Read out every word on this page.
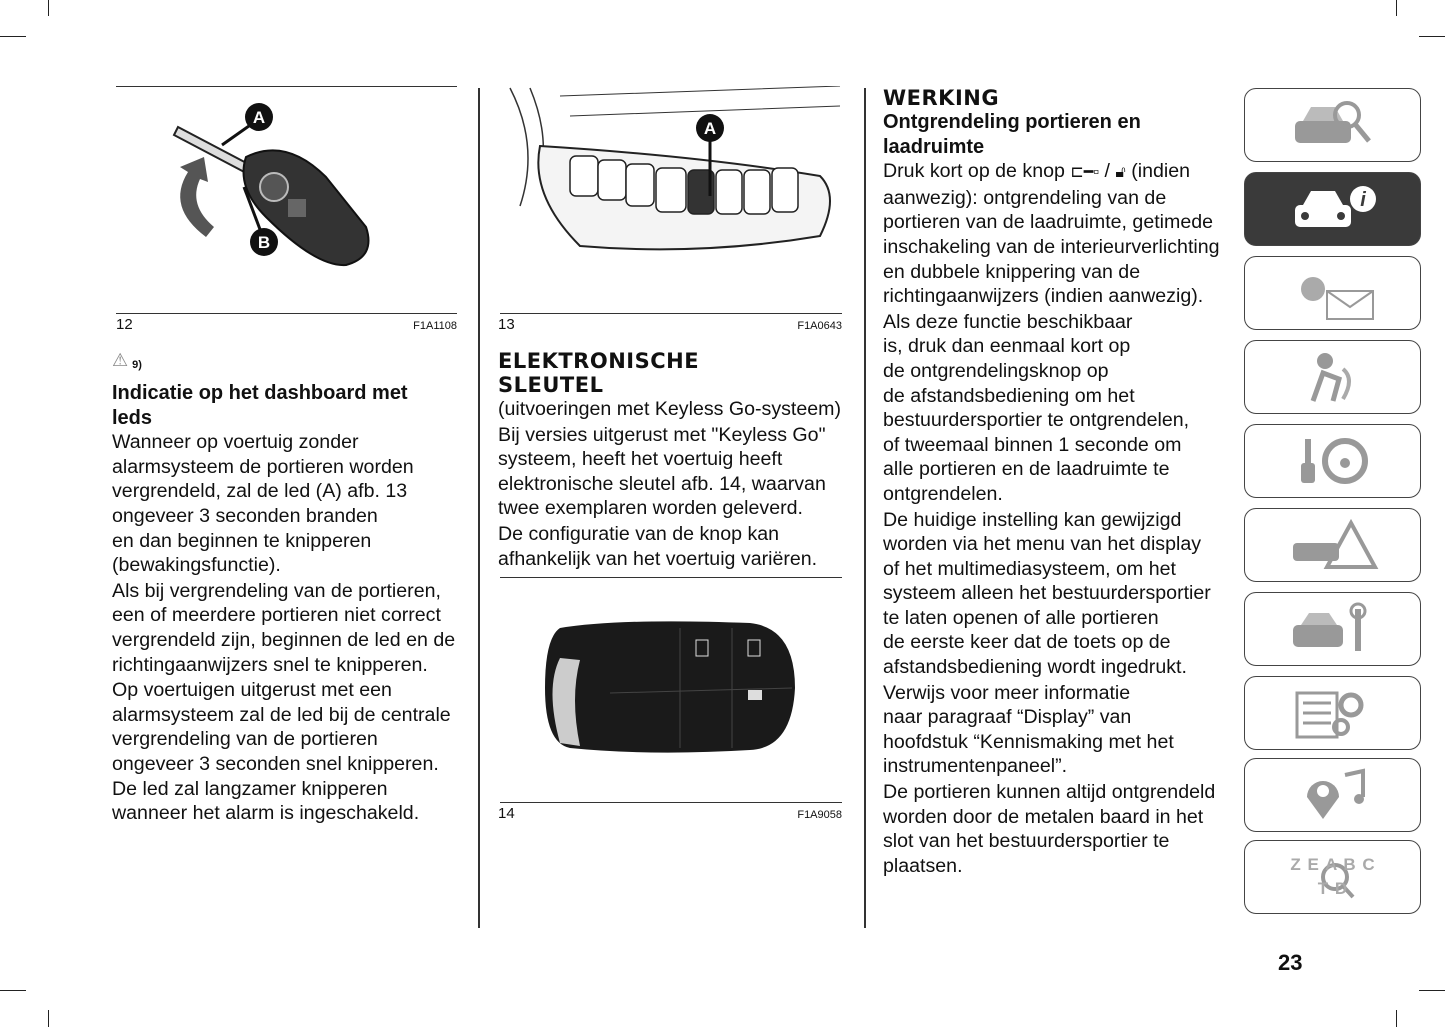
A
B
12	F1A1108
⚠ 9)

Indicatie op het dashboard met
leds

Wanneer op voertuig zonder
alarmsysteem de portieren worden
vergrendeld, zal de led (A) afb. 13
ongeveer 3 seconden branden
en dan beginnen te knipperen
(bewakingsfunctie).

Als bij vergrendeling van de portieren,
een of meerdere portieren niet correct
vergrendeld zijn, beginnen de led en de
richtingaanwijzers snel te knipperen.

Op voertuigen uitgerust met een
alarmsysteem zal de led bij de centrale
vergrendeling van de portieren
ongeveer 3 seconden snel knipperen.
De led zal langzamer knipperen
wanneer het alarm is ingeschakeld.

A
13	F1A0643

ELEKTRONISCHE
SLEUTEL

(uitvoeringen met Keyless Go-systeem)

Bij versies uitgerust met "Keyless Go"
systeem, heeft het voertuig heeft
elektronische sleutel afb. 14, waarvan
twee exemplaren worden geleverd.

De configuratie van de knop kan
afhankelijk van het voertuig variëren.

14	F1A9058

WERKING

Ontgrendeling portieren en
laadruimte

Druk kort op de knop ⊏━▫ / 🔓︎ (indien

aanwezig): ontgrendeling van de
portieren van de laadruimte, getimede
inschakeling van de interieurverlichting
en dubbele knippering van de
richtingaanwijzers (indien aanwezig).

Als deze functie beschikbaar
is, druk dan eenmaal kort op
de ontgrendelingsknop op
de afstandsbediening om het
bestuurdersportier te ontgrendelen,
of tweemaal binnen 1 seconde om
alle portieren en de laadruimte te
ontgrendelen.

De huidige instelling kan gewijzigd
worden via het menu van het display
of het multimediasysteem, om het
systeem alleen het bestuurdersportier
te laten openen of alle portieren
de eerste keer dat de toets op de
afstandsbediening wordt ingedrukt.

Verwijs voor meer informatie
naar paragraaf “Display” van
hoofdstuk “Kennismaking met het
instrumentenpaneel”.

De portieren kunnen altijd ontgrendeld
worden door de metalen baard in het
slot van het bestuurdersportier te
plaatsen.

i
Z E A B C T D
23
